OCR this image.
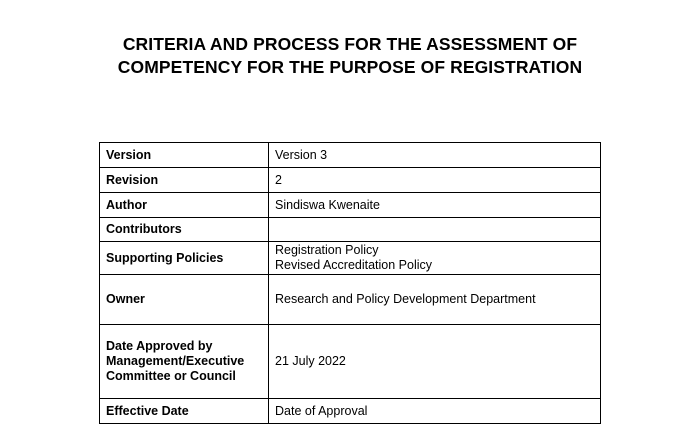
CRITERIA AND PROCESS FOR THE ASSESSMENT OF
COMPETENCY FOR THE PURPOSE OF REGISTRATION
Version	Version 3
Revision	2
Author	Sindiswa Kwenaite
Contributors	
Supporting Policies	Registration Policy
Revised Accreditation Policy

Owner	Research and Policy Development Department

Date Approved by
Management/Executive
Committee or Council	21 July 2022
Effective Date	Date of Approval
